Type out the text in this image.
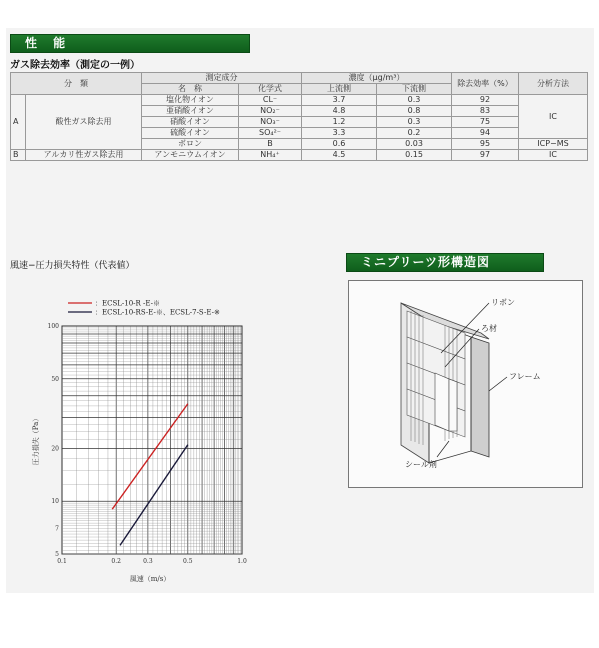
性 能
ガス除去効率（測定の一例）
分　類		測定成分		濃度（μg/m³）		除去効率（%）	分析方法
		名　称	化学式	上流側	下流側		
A	酸性ガス除去用	塩化物イオン	CL⁻	3.7	0.3	92	IC
		亜硝酸イオン	NO₂⁻	4.8	0.8	83	
		硝酸イオン	NO₃⁻	1.2	0.3	75	
		硫酸イオン	SO₄²⁻	3.3	0.2	94	
		ボロン	B	0.6	0.03	95	ICP−MS
B	アルカリ性ガス除去用	アンモニウムイオン	NH₄⁺	4.5	0.15	97	IC
風速−圧力損失特性（代表値）
：ECSL-10-R -E-※
：ECSL-10-RS-E-※、ECSL-7-S-E-※
0.1	0.2	0.3	0.5	1.0
5
7
10
20
50
100
風速（m/s）
圧力損失（Pa）
ミニプリーツ形構造図
リボン
ろ材
フレーム
シール剤
